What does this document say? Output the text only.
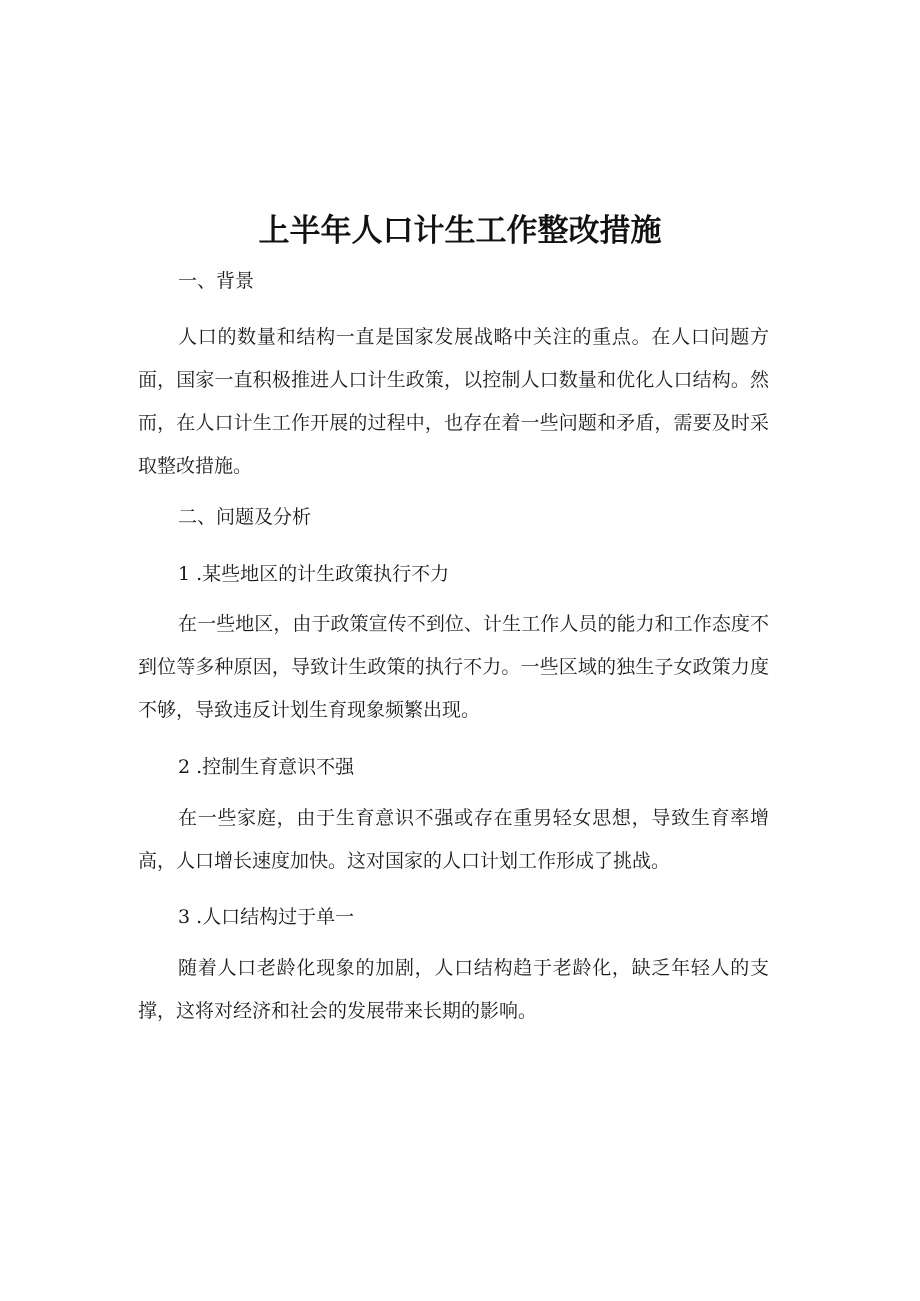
上半年人口计生工作整改措施
一、背景
人口的数量和结构一直是国家发展战略中关注的重点。在人口问题方面，国家一直积极推进人口计生政策，以控制人口数量和优化人口结构。然而，在人口计生工作开展的过程中，也存在着一些问题和矛盾，需要及时采取整改措施。
二、问题及分析
1 .某些地区的计生政策执行不力
在一些地区，由于政策宣传不到位、计生工作人员的能力和工作态度不到位等多种原因，导致计生政策的执行不力。一些区域的独生子女政策力度不够，导致违反计划生育现象频繁出现。
2 .控制生育意识不强
在一些家庭，由于生育意识不强或存在重男轻女思想，导致生育率增高，人口增长速度加快。这对国家的人口计划工作形成了挑战。
3 .人口结构过于单一
随着人口老龄化现象的加剧，人口结构趋于老龄化，缺乏年轻人的支撑，这将对经济和社会的发展带来长期的影响。
